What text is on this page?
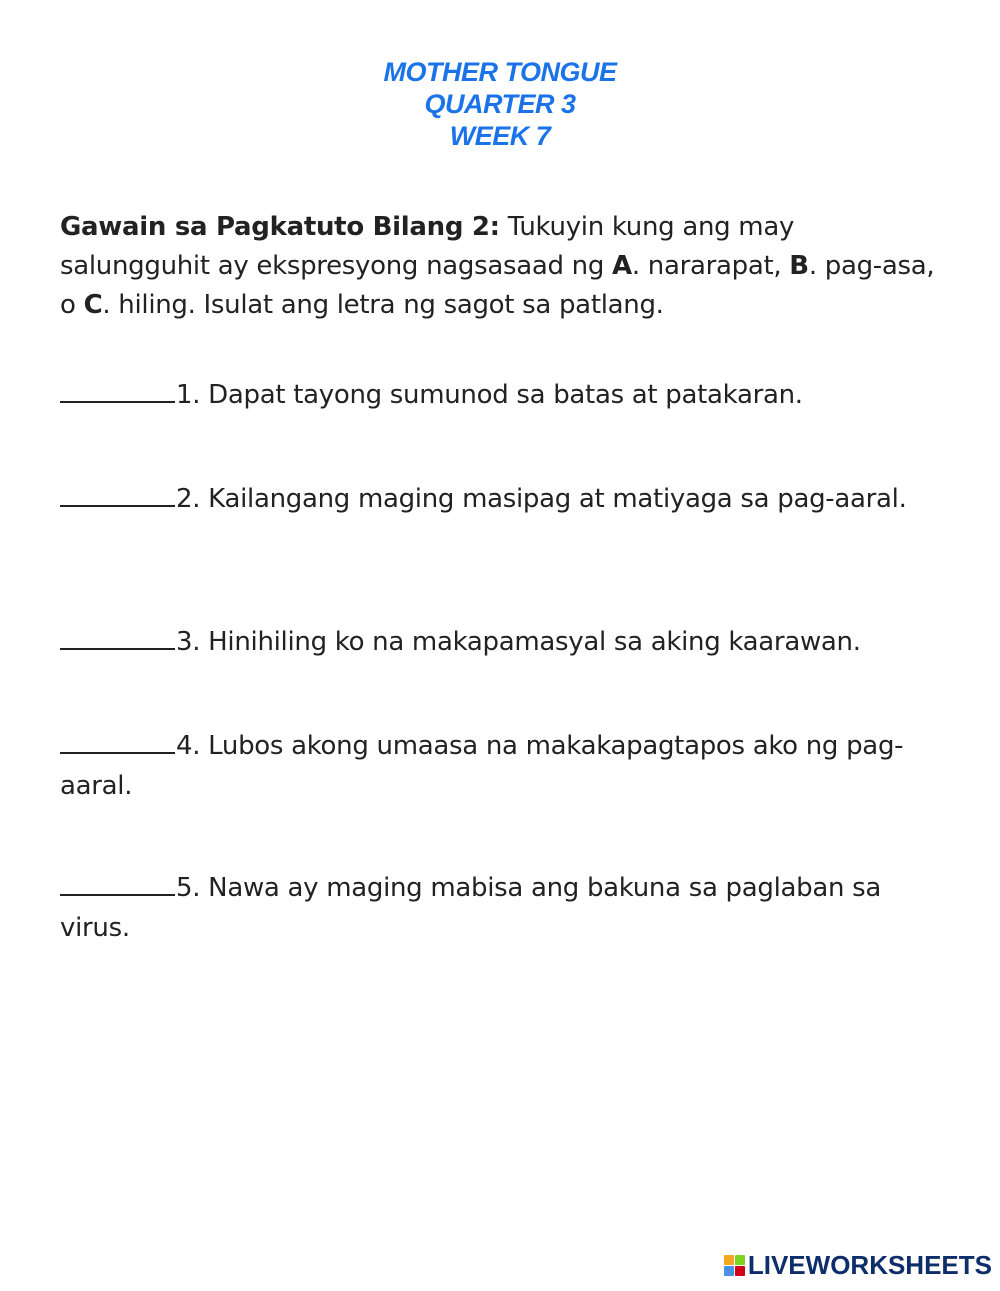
MOTHER TONGUE
QUARTER 3
WEEK 7
Gawain sa Pagkatuto Bilang 2: Tukuyin kung ang may salungguhit ay ekspresyong nagsasaad ng A. nararapat, B. pag-asa, o C. hiling. Isulat ang letra ng sagot sa patlang.
1. Dapat tayong sumunod sa batas at patakaran.
2. Kailangang maging masipag at matiyaga sa pag-aaral.
3. Hinihiling ko na makapamasyal sa aking kaarawan.
4. Lubos akong umaasa na makakapagtapos ako ng pag-aaral.
5. Nawa ay maging mabisa ang bakuna sa paglaban sa virus.
LIVEWORKSHEETS
